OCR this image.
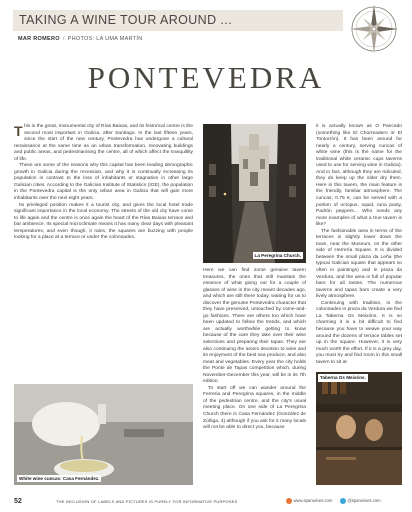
TAKING A WINE TOUR AROUND ...
MAR ROMERO / PHOTOS: LA UMA MARTÍN
PONTEVEDRA

This is the great, monumental city of Rías Baixas, and its historical centre is the second most important in Galicia, after Santiago. In the last fifteen years, since the start of the new century, Pontevedra has undergone a cultural renaissance at the same time as an urban transformation, renovating buildings and public areas, and pedestrianising the centre, all of which affect the tranquillity of life.

These are some of the reasons why this capital has been leading demographic growth in Galicia during the recession, and why it is continually increasing its population in contrast to the loss of inhabitants or stagnation in other large Galician cities. According to the Galician Institute of Statistics (IGE), the population in the Pontevedra capital is the only urban area in Galicia that will gain more inhabitants over the next eight years.

Its privileged position makes it a tourist city, and gives the local hotel trade significant importance in the local economy. The streets of the old city have come to life again and the centre is once again the heart of the Rías Baixas terrace and bar ambience. Its special microclimate means it has many clear days with pleasant temperatures, and even though, it rains, the squares are buzzing with people looking for a place at a terrace or under the colonnades.

Here we can find some genuine tavern treasures, the ones that still maintain the essence of what going out for a couple of glasses of wine in the city meant decades ago, and which are still there today, waiting for us to discover the genuine Pontevedra character that they have preserved, untouched by come-and-go fashions. There are others too which have been updated to follow the trends, and which are actually worthwhile getting to know because of the care they take over their wine selections and preparing their tapas. They are also continuing the area's devotion to wine and its enjoyment of the best sea produce, and also meat and vegetables. Every year the city holds the Ponte de Tapas competition which, during November-December this year, will be in its 7th edition.

To start off we can wander around the Ferreria and Peregrina squares, in the middle of the pedestrian centre, and the city's usual meeting place. On one side of La Peregrina Church there is Casa Fernández (González de Zúñiga, 4) although if you ask for it many locals will not be able to direct you, because

it is actually known as O Pancedo (something like El Chorreadero or El Tontorrón). It has been around for nearly a century, serving cuncas of white wine (this is the name for the traditional white ceramic cups taverns used to use for serving wine in Galicia). And in fact, although they are ridiculed, they do keep up the older dry them. Here in this tavern, the main feature is the friendly, familiar atmosphere. The cuncas; 0.75 €, can be served with a portion of octopus, squid, tuna pasty, Padrón peppers... Who needs any more examples of what a true tavern is like?

The fashionable area in terms of the terraces is slightly lower down the town, near the Museum, on the other side of Herrería Square. It is divided between the small plaza da Leña (the typical Galician square that appears so often in paintings) and in praza da Verdura, and the area is full of popular bars for all tastes. The numerous taverns and tapas bars create a very lively atmosphere.

Continuing with tradition, in the colonnades in praza da Verdura we find La Taberna Os Meixóns. It is so charming it is a bit difficult to find because you have to weave your way around the dozens of terrace tables set up in the square. However, it is very much worth the effort. If it is a grey day, you must try and find room in this small tavern to sit at

La Peregrina Church.
White wine cuncas: Casa Fernández.
Taberna Os Meixóns.
52	THE INCLUSION OF LABELS AND PICTURES IS PURELY FOR INFORMATIVE PURPOSES	www.spanwines.com	@spanwines.com
